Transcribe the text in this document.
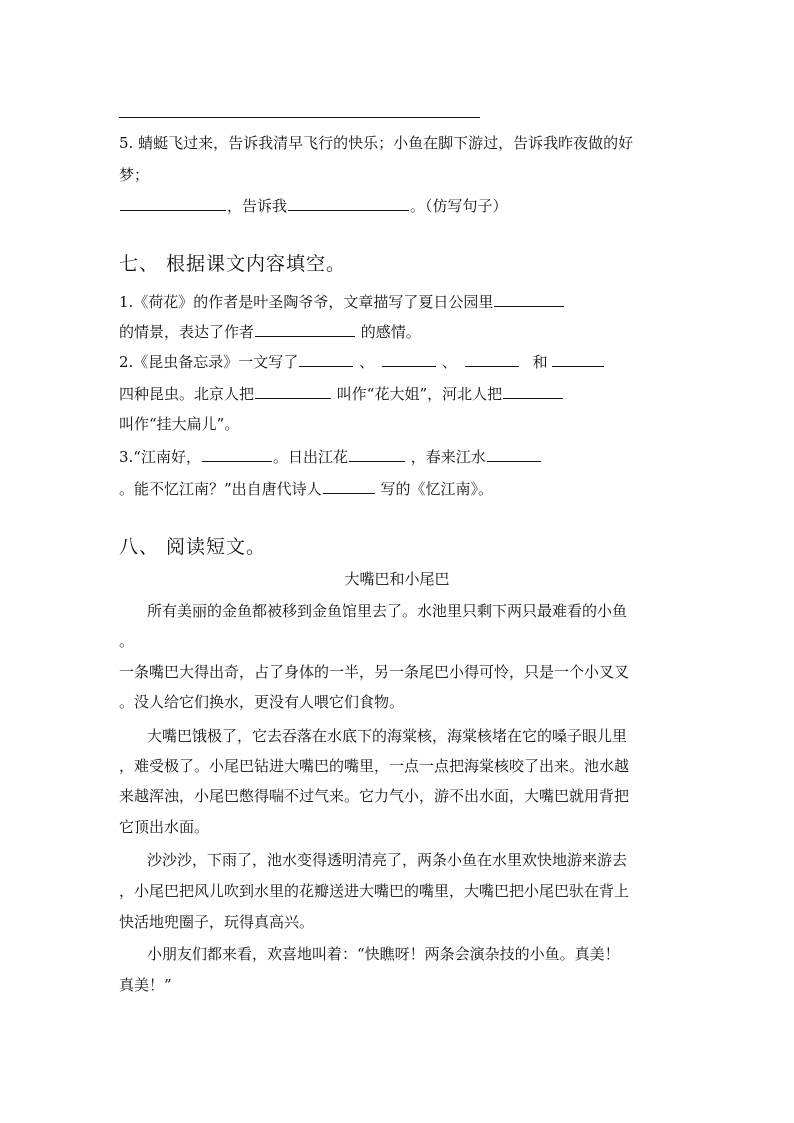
5. 蜻蜓飞过来，告诉我清早飞行的快乐；小鱼在脚下游过，告诉我昨夜做的好
梦；
，告诉我	。（仿写句子）
七、 根据课文内容填空。
1.《荷花》的作者是叶圣陶爷爷，文章描写了夏日公园里
的情景，表达了作者	的感情。
2.《昆虫备忘录》一文写了	、	、	和
四种昆虫。北京人把	叫作“花大姐”，河北人把
叫作“挂大扁儿”。
3.“江南好，	。日出江花	，春来江水
。能不忆江南？”出自唐代诗人	写的《忆江南》。
八、 阅读短文。
大嘴巴和小尾巴
所有美丽的金鱼都被移到金鱼馆里去了。水池里只剩下两只最难看的小鱼
。
一条嘴巴大得出奇，占了身体的一半，另一条尾巴小得可怜，只是一个小叉叉
。没人给它们换水，更没有人喂它们食物。
大嘴巴饿极了，它去吞落在水底下的海棠核，海棠核堵在它的嗓子眼儿里
，难受极了。小尾巴钻进大嘴巴的嘴里，一点一点把海棠核咬了出来。池水越
来越浑浊，小尾巴憋得喘不过气来。它力气小，游不出水面，大嘴巴就用背把
它顶出水面。
沙沙沙，下雨了，池水变得透明清亮了，两条小鱼在水里欢快地游来游去
，小尾巴把风儿吹到水里的花瓣送进大嘴巴的嘴里，大嘴巴把小尾巴驮在背上
快活地兜圈子，玩得真高兴。
小朋友们都来看，欢喜地叫着：“快瞧呀！两条会演杂技的小鱼。真美！
真美！”
